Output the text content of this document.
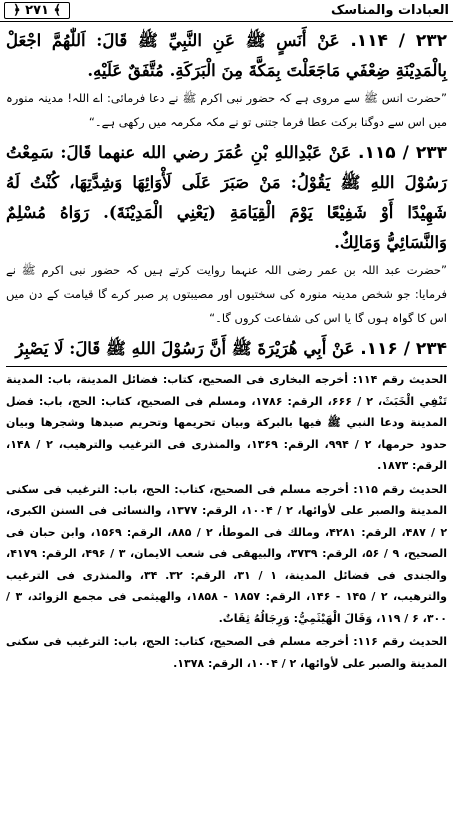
العبادات والمناسک
﴾ ۲۷۱ ﴿

۲۳۲ / ۱۱۴. عَنْ أَنَسٍ ﷺ عَنِ النَّبِيِّ ﷺ قَالَ: اَللّٰهُمَّ اجْعَلْ بِالْمَدِيْنَةِ ضِعْفَي مَاجَعَلْتَ بِمَكَّةَ مِنَ الْبَرَكَةِ. مُتَّفَقٌ عَلَيْهِ.

”حضرت انس ﷺ سے مروی ہے کہ حضور نبی اکرم ﷺ نے دعا فرمائی: اے اللہ! مدینہ منورہ میں اس سے دوگنا برکت عطا فرما جتنی تو نے مکہ مکرمہ میں رکھی ہے۔“

۲۳۳ / ۱۱۵. عَنْ عَبْدِاللهِ بْنِ عُمَرَ رضي الله عنهما قَالَ: سَمِعْتُ رَسُوْلَ اللهِ ﷺ يَقُوْلُ: مَنْ صَبَرَ عَلَى لَأْوَائِهَا وَشِدَّتِهَا، كُنْتُ لَهُ شَهِيْدًا أَوْ شَفِيْعًا يَوْمَ الْقِيَامَةِ (يَعْنِي الْمَدِيْنَةَ). رَوَاهُ مُسْلِمٌ وَالنَّسَائِيُّ وَمَالِكٌ.

”حضرت عبد اللہ بن عمر رضی اللہ عنہما روایت کرتے ہیں کہ حضور نبی اکرم ﷺ نے فرمایا: جو شخص مدینہ منورہ کی سختیوں اور مصیبتوں پر صبر کرے گا قیامت کے دن میں اس کا گواہ ہوں گا یا اس کی شفاعت کروں گا۔“

۲۳۴ / ۱۱۶. عَنْ أَبِي هُرَيْرَةَ ﷺ أَنَّ رَسُوْلَ اللهِ ﷺ قَالَ: لَا يَصْبِرُ

الحديث رقم ۱۱۴: أخرجه البخارى فى الصحيح، كتاب: فضائل المدينة، باب: المدينة تَنْفِي الْخَبَثَ، ۲ / ۶۶۶، الرقم: ۱۷۸۶، ومسلم فى الصحيح، كتاب: الحج، باب: فضل المدينة ودعا النبي ﷺ فيها بالبركة وبيان تحريمها وتحريم صيدها وشجرها وبيان حدود حرمها، ۲ / ۹۹۴، الرقم: ۱۳۶۹، والمنذرى فى الترغيب والترهيب، ۲ / ۱۴۸، الرقم: ۱۸۷۳.

الحديث رقم ۱۱۵: أخرجه مسلم فى الصحيح، كتاب: الحج، باب: الترغيب فى سكنى المدينة والصبر على لأوائها، ۲ / ۱۰۰۴، الرقم: ۱۳۷۷، والنسائى فى السنن الكبرى، ۲ / ۴۸۷، الرقم: ۴۲۸۱، ومالك فى الموطأ، ۲ / ۸۸۵، الرقم: ۱۵۶۹، وابن حبان فى الصحيح، ۹ / ۵۶، الرقم: ۳۷۳۹، والبيهقى فى شعب الايمان، ۳ / ۴۹۶، الرقم: ۴۱۷۹، والجندى فى فضائل المدينة، ۱ / ۳۱، الرقم: ۳۲. ۳۴، والمنذرى فى الترغيب والترهيب، ۲ / ۱۴۵ - ۱۴۶، الرقم: ۱۸۵۷ - ۱۸۵۸، والهيثمى فى مجمع الزوائد، ۳ / ۳۰۰، ۶ / ۱۱۹، وَقَالَ الْهَيْثَمِيُّ: وَرِجَالُهُ ثِقَاتٌ.

الحديث رقم ۱۱۶: أخرجه مسلم فى الصحيح، كتاب: الحج، باب: الترغيب فى سكنى المدينة والصبر على لأوائها، ۲ / ۱۰۰۴، الرقم: ۱۳۷۸.
